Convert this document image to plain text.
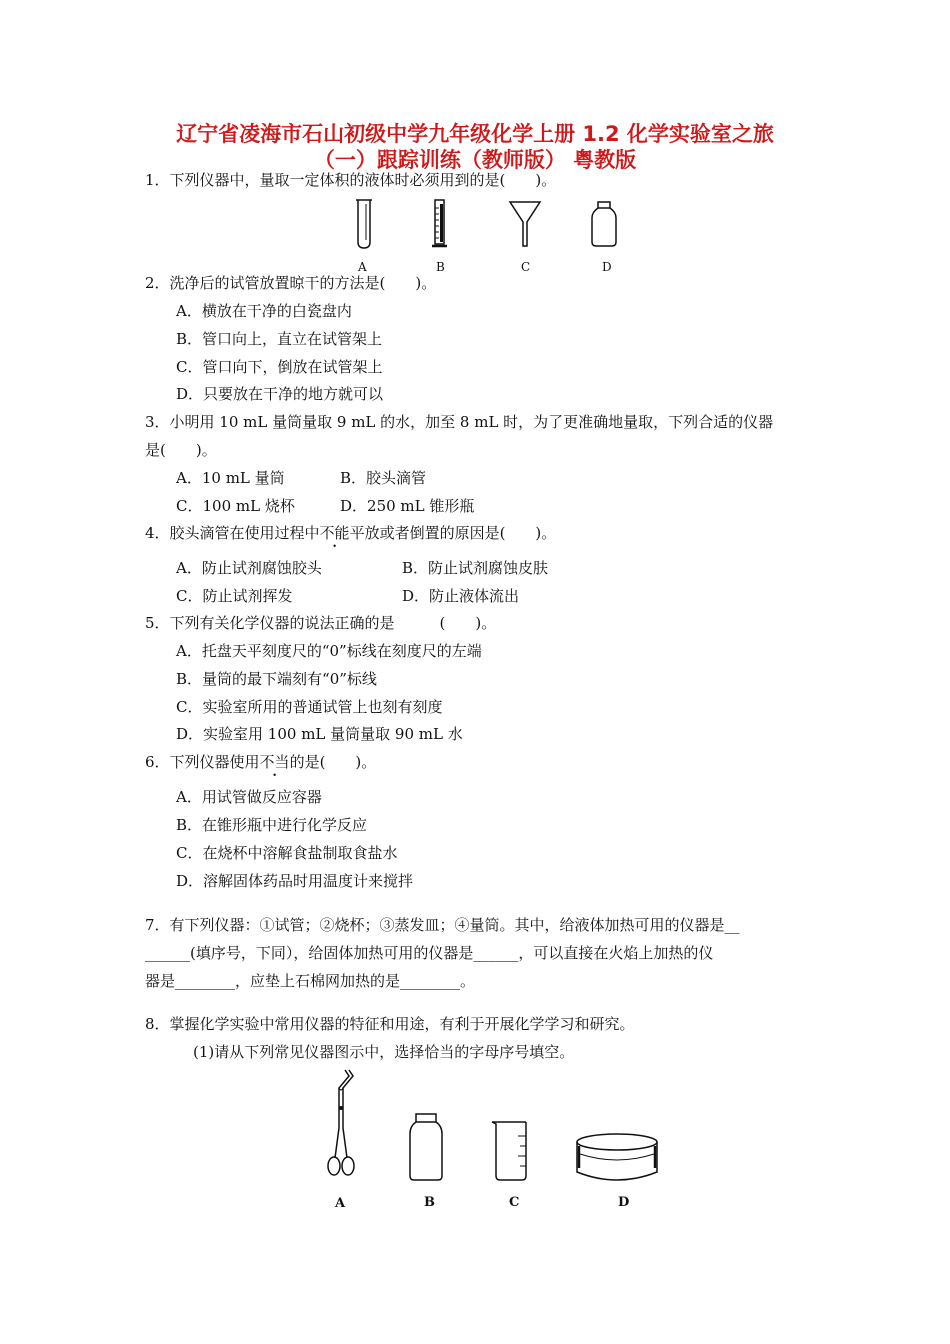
辽宁省凌海市石山初级中学九年级化学上册 1.2 化学实验室之旅
（一）跟踪训练（教师版） 粤教版
1．下列仪器中，量取一定体积的液体时必须用到的是(　　)。
A	B	C	D
2．洗净后的试管放置晾干的方法是(　　)。
A．横放在干净的白瓷盘内
B．管口向上，直立在试管架上
C．管口向下，倒放在试管架上
D．只要放在干净的地方就可以
3．小明用 10 mL 量筒量取 9 mL 的水，加至 8 mL 时，为了更准确地量取，下列合适的仪器
是(　　)。
A．10 mL 量筒	B．胶头滴管
C．100 mL 烧杯	D．250 mL 锥形瓶
4．胶头滴管在使用过程中不能平放或者倒置的原因是(　　)。
A．防止试剂腐蚀胶头	B．防止试剂腐蚀皮肤
C．防止试剂挥发	D．防止液体流出
5．下列有关化学仪器的说法正确的是　　　(　　)。
A．托盘天平刻度尺的“0”标线在刻度尺的左端
B．量筒的最下端刻有“0”标线
C．实验室所用的普通试管上也刻有刻度
D．实验室用 100 mL 量筒量取 90 mL 水
6．下列仪器使用不当的是(　　)。
A．用试管做反应容器
B．在锥形瓶中进行化学反应
C．在烧杯中溶解食盐制取食盐水
D．溶解固体药品时用温度计来搅拌
7．有下列仪器：①试管；②烧杯；③蒸发皿；④量筒。其中，给液体加热可用的仪器是__
______(填序号，下同），给固体加热可用的仪器是______，可以直接在火焰上加热的仪
器是________，应垫上石棉网加热的是________。
8．掌握化学实验中常用仪器的特征和用途，有利于开展化学学习和研究。
(1)请从下列常见仪器图示中，选择恰当的字母序号填空。
A	B	C	D
